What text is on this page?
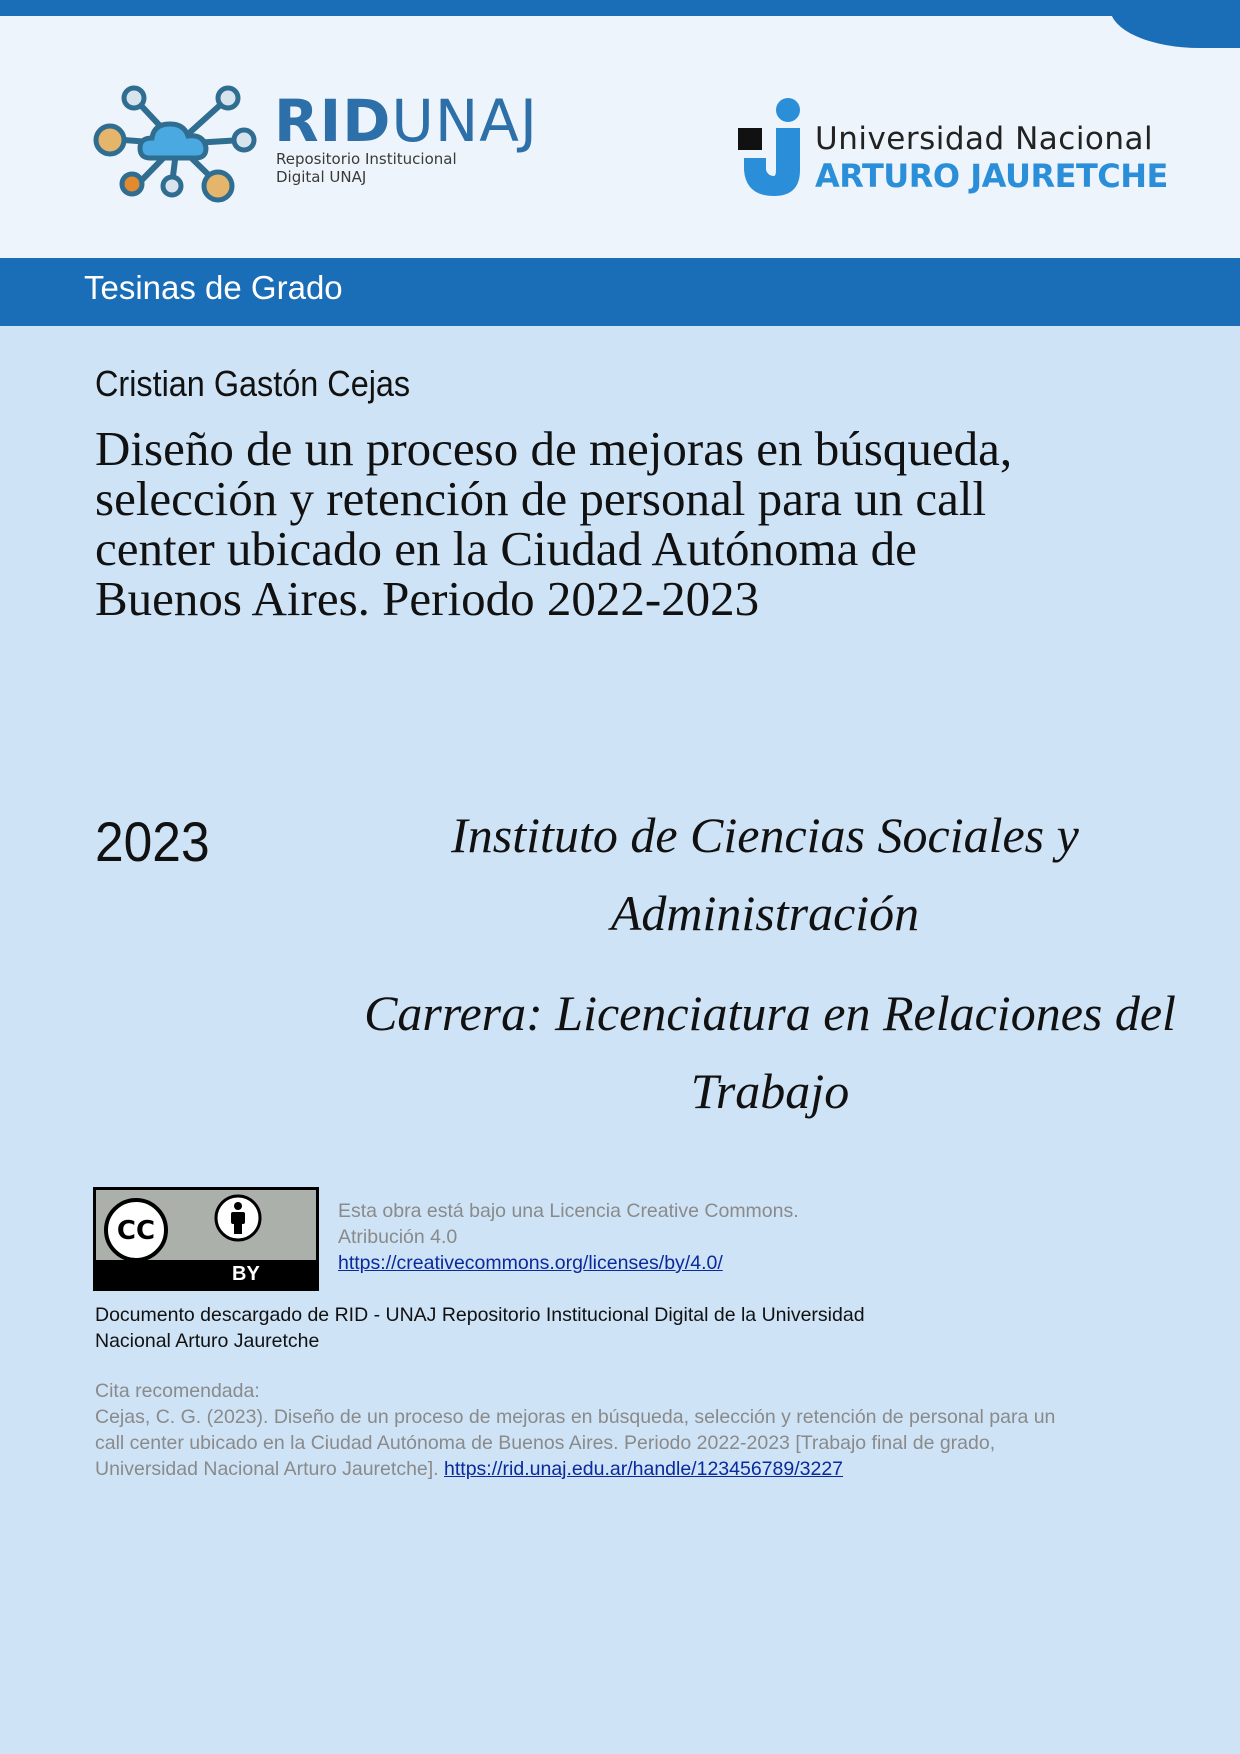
RIDUNAJ
Repositorio Institucional
Digital UNAJ
Universidad Nacional
ARTURO JAURETCHE
Tesinas de Grado
Cristian Gastón Cejas
Diseño de un proceso de mejoras en búsqueda,
selección y retención de personal para un call
center ubicado en la Ciudad Autónoma de
Buenos Aires. Periodo 2022-2023
2023	Instituto de Ciencias Sociales y
Administración
Carrera: Licenciatura en Relaciones del
Trabajo
CC
BY
Esta obra está bajo una Licencia Creative Commons.
Atribución 4.0
https://creativecommons.org/licenses/by/4.0/
Documento descargado de RID - UNAJ Repositorio Institucional Digital de la Universidad
Nacional Arturo Jauretche
Cita recomendada:
Cejas, C. G. (2023). Diseño de un proceso de mejoras en búsqueda, selección y retención de personal para un
call center ubicado en la Ciudad Autónoma de Buenos Aires. Periodo 2022-2023 [Trabajo final de grado,
Universidad Nacional Arturo Jauretche]. https://rid.unaj.edu.ar/handle/123456789/3227
